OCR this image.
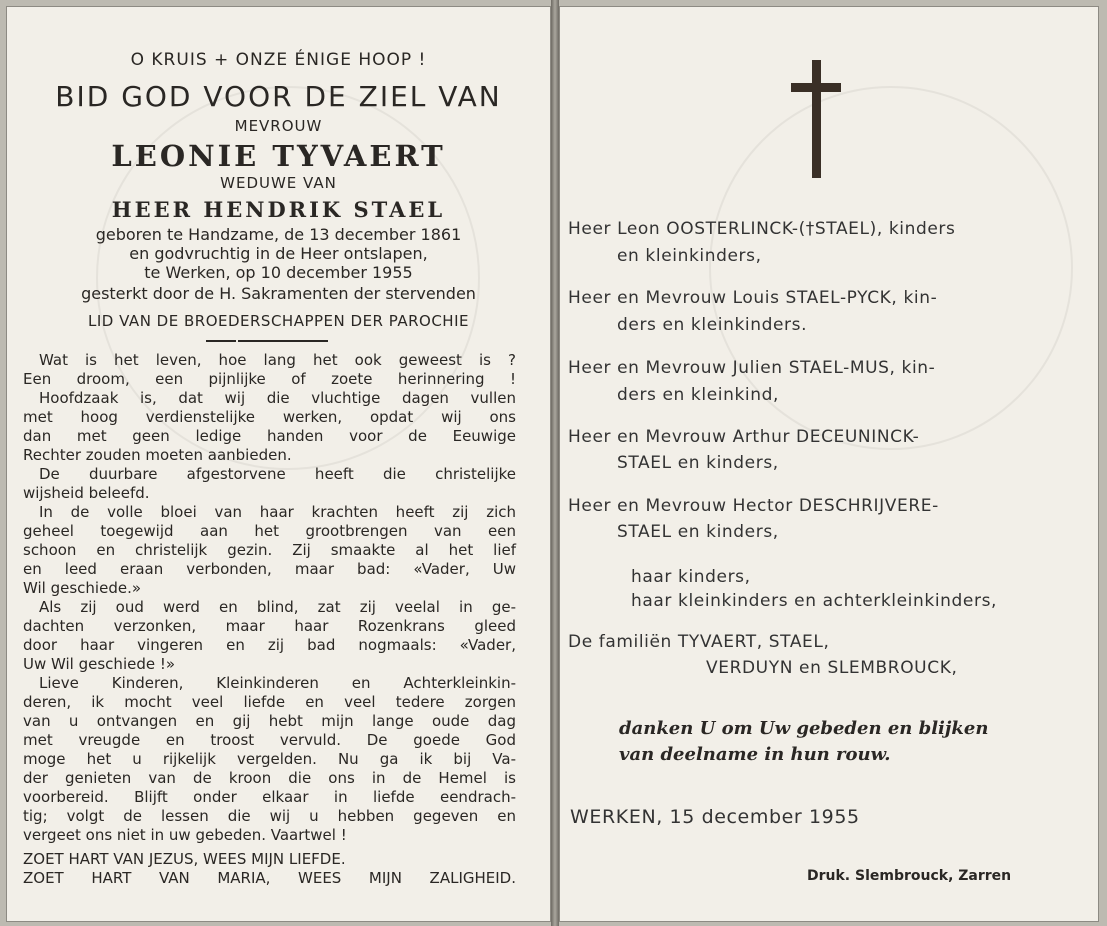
O KRUIS + ONZE ÉNIGE HOOP !
BID GOD VOOR DE ZIEL VAN
MEVROUW
LEONIE TYVAERT
WEDUWE VAN
HEER HENDRIK STAEL
geboren te Handzame, de 13 december 1861
en godvruchtig in de Heer ontslapen,
te Werken, op 10 december 1955
gesterkt door de H. Sakramenten der stervenden
LID VAN DE BROEDERSCHAPPEN DER PAROCHIE
Wat is het leven, hoe lang het ook geweest is ?
Een droom, een pijnlijke of zoete herinnering !
Hoofdzaak is, dat wij die vluchtige dagen vullen
met hoog verdienstelijke werken, opdat wij ons
dan met geen ledige handen voor de Eeuwige
Rechter zouden moeten aanbieden.
De duurbare afgestorvene heeft die christelijke
wijsheid beleefd.
In de volle bloei van haar krachten heeft zij zich
geheel toegewijd aan het grootbrengen van een
schoon en christelijk gezin. Zij smaakte al het lief
en leed eraan verbonden, maar bad: «Vader, Uw
Wil geschiede.»
Als zij oud werd en blind, zat zij veelal in ge-
dachten verzonken, maar haar Rozenkrans gleed
door haar vingeren en zij bad nogmaals: «Vader,
Uw Wil geschiede !»
Lieve Kinderen, Kleinkinderen en Achterkleinkin-
deren, ik mocht veel liefde en veel tedere zorgen
van u ontvangen en gij hebt mijn lange oude dag
met vreugde en troost vervuld. De goede God
moge het u rijkelijk vergelden. Nu ga ik bij Va-
der genieten van de kroon die ons in de Hemel is
voorbereid. Blijft onder elkaar in liefde eendrach-
tig; volgt de lessen die wij u hebben gegeven en
vergeet ons niet in uw gebeden. Vaartwel !
ZOET HART VAN JEZUS, WEES MIJN LIEFDE.
ZOET HART VAN MARIA, WEES MIJN ZALIGHEID.
Heer Leon OOSTERLINCK-(†STAEL), kinders
en kleinkinders,
Heer en Mevrouw Louis STAEL-PYCK, kin-
ders en kleinkinders.
Heer en Mevrouw Julien STAEL-MUS, kin-
ders en kleinkind,
Heer en Mevrouw Arthur DECEUNINCK-
STAEL en kinders,
Heer en Mevrouw Hector DESCHRIJVERE-
STAEL en kinders,
haar kinders,
haar kleinkinders en achterkleinkinders,
De familiën TYVAERT, STAEL,
VERDUYN en SLEMBROUCK,
danken U om Uw gebeden en blijken
van deelname in hun rouw.
WERKEN, 15 december 1955
Druk. Slembrouck, Zarren
